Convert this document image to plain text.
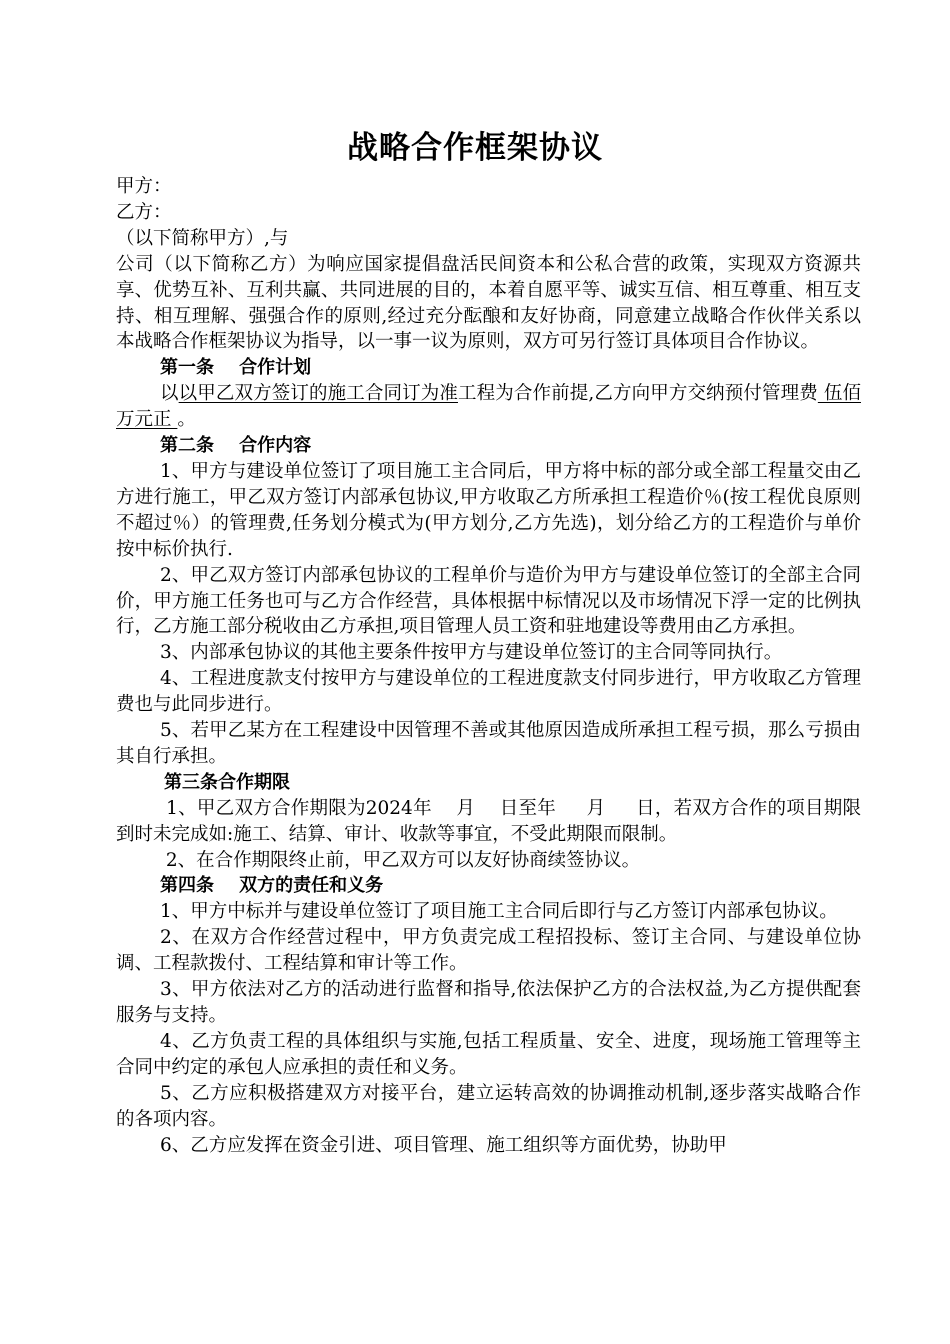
战略合作框架协议

甲方：

乙方：

（以下简称甲方）,与

公司（以下简称乙方）为响应国家提倡盘活民间资本和公私合营的政策，实现双方资源共享、优势互补、互利共赢、共同进展的目的，本着自愿平等、诚实互信、相互尊重、相互支持、相互理解、强强合作的原则,经过充分酝酿和友好协商，同意建立战略合作伙伴关系以本战略合作框架协议为指导，以一事一议为原则，双方可另行签订具体项目合作协议。

第一条    合作计划

以以甲乙双方签订的施工合同订为准工程为合作前提,乙方向甲方交纳预付管理费 伍佰万元正 。

第二条    合作内容

1、甲方与建设单位签订了项目施工主合同后，甲方将中标的部分或全部工程量交由乙方进行施工，甲乙双方签订内部承包协议,甲方收取乙方所承担工程造价％(按工程优良原则不超过％）的管理费,任务划分模式为(甲方划分,乙方先选)，划分给乙方的工程造价与单价按中标价执行.

2、甲乙双方签订内部承包协议的工程单价与造价为甲方与建设单位签订的全部主合同价，甲方施工任务也可与乙方合作经营，具体根据中标情况以及市场情况下浮一定的比例执行，乙方施工部分税收由乙方承担,项目管理人员工资和驻地建设等费用由乙方承担。

3、内部承包协议的其他主要条件按甲方与建设单位签订的主合同等同执行。

4、工程进度款支付按甲方与建设单位的工程进度款支付同步进行，甲方收取乙方管理费也与此同步进行。

5、若甲乙某方在工程建设中因管理不善或其他原因造成所承担工程亏损，那么亏损由其自行承担。

第三条合作期限

1、甲乙双方合作期限为2024年    月    日至年     月     日，若双方合作的项目期限到时未完成如:施工、结算、审计、收款等事宜，不受此期限而限制。

2、在合作期限终止前，甲乙双方可以友好协商续签协议。

第四条    双方的责任和义务

1、甲方中标并与建设单位签订了项目施工主合同后即行与乙方签订内部承包协议。

2、在双方合作经营过程中，甲方负责完成工程招投标、签订主合同、与建设单位协调、工程款拨付、工程结算和审计等工作。

3、甲方依法对乙方的活动进行监督和指导,依法保护乙方的合法权益,为乙方提供配套服务与支持。

4、乙方负责工程的具体组织与实施,包括工程质量、安全、进度，现场施工管理等主合同中约定的承包人应承担的责任和义务。

5、乙方应积极搭建双方对接平台，建立运转高效的协调推动机制,逐步落实战略合作的各项内容。

6、乙方应发挥在资金引进、项目管理、施工组织等方面优势，协助甲
